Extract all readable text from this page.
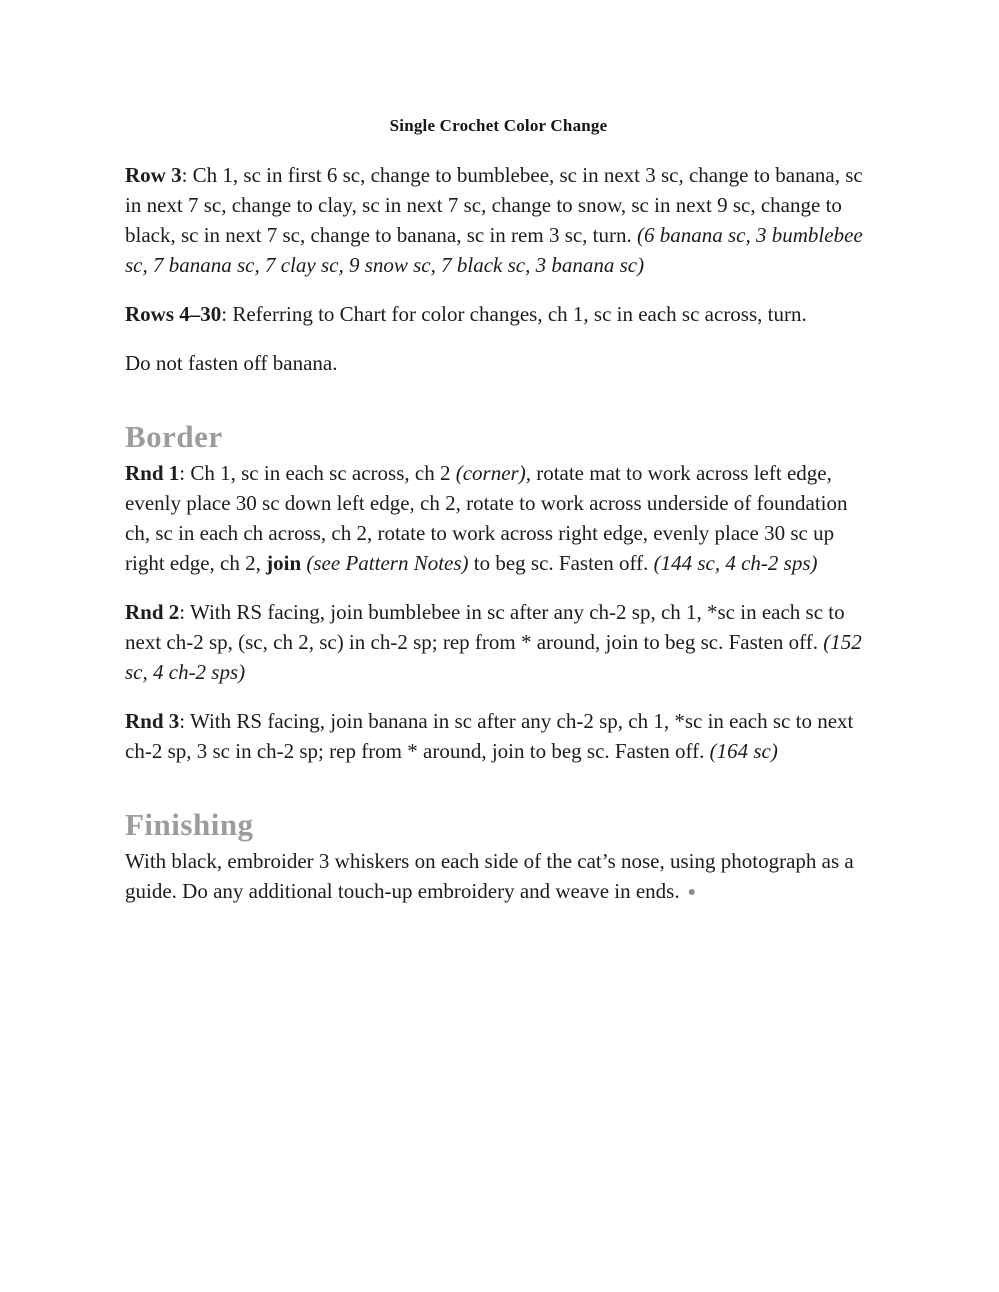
Single Crochet Color Change

Row 3: Ch 1, sc in first 6 sc, change to bumblebee, sc in next 3 sc, change to banana, sc in next 7 sc, change to clay, sc in next 7 sc, change to snow, sc in next 9 sc, change to black, sc in next 7 sc, change to banana, sc in rem 3 sc, turn. (6 banana sc, 3 bumblebee sc, 7 banana sc, 7 clay sc, 9 snow sc, 7 black sc, 3 banana sc)

Rows 4–30: Referring to Chart for color changes, ch 1, sc in each sc across, turn.

Do not fasten off banana.

Border

Rnd 1: Ch 1, sc in each sc across, ch 2 (corner), rotate mat to work across left edge, evenly place 30 sc down left edge, ch 2, rotate to work across underside of foundation ch, sc in each ch across, ch 2, rotate to work across right edge, evenly place 30 sc up right edge, ch 2, join (see Pattern Notes) to beg sc. Fasten off. (144 sc, 4 ch-2 sps)

Rnd 2: With RS facing, join bumblebee in sc after any ch-2 sp, ch 1, *sc in each sc to next ch-2 sp, (sc, ch 2, sc) in ch-2 sp; rep from * around, join to beg sc. Fasten off. (152 sc, 4 ch-2 sps)

Rnd 3: With RS facing, join banana in sc after any ch-2 sp, ch 1, *sc in each sc to next ch-2 sp, 3 sc in ch-2 sp; rep from * around, join to beg sc. Fasten off. (164 sc)

Finishing

With black, embroider 3 whiskers on each side of the cat’s nose, using photograph as a guide. Do any additional touch-up embroidery and weave in ends. ●
